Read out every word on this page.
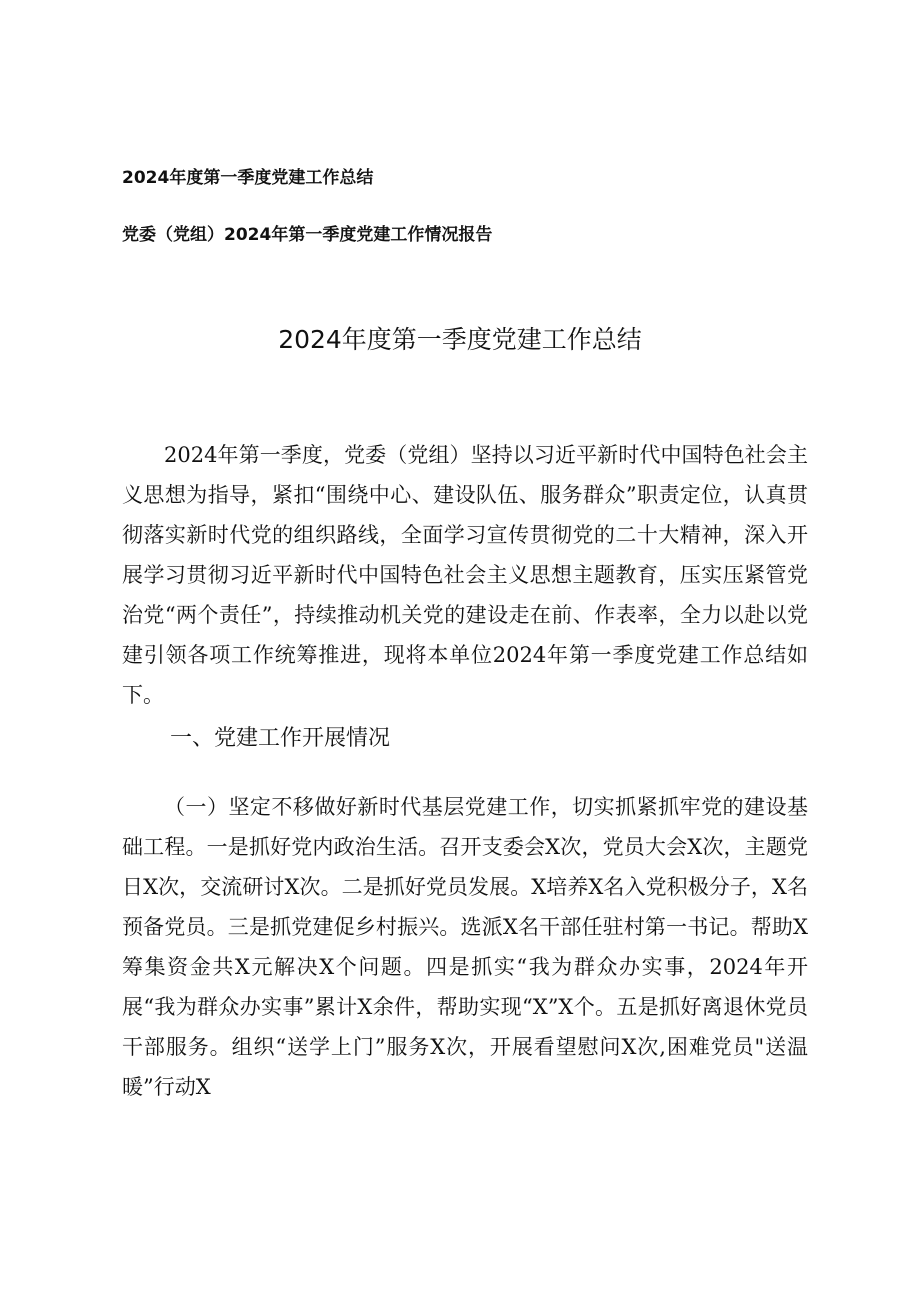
2024年度第一季度党建工作总结
党委（党组）2024年第一季度党建工作情况报告
2024年度第一季度党建工作总结

2024年第一季度，党委（党组）坚持以习近平新时代中国特色社会主义思想为指导，紧扣“围绕中心、建设队伍、服务群众”职责定位，认真贯彻落实新时代党的组织路线，全面学习宣传贯彻党的二十大精神，深入开展学习贯彻习近平新时代中国特色社会主义思想主题教育，压实压紧管党治党“两个责任”，持续推动机关党的建设走在前、作表率，全力以赴以党建引领各项工作统筹推进，现将本单位2024年第一季度党建工作总结如下。

一、党建工作开展情况

（一）坚定不移做好新时代基层党建工作，切实抓紧抓牢党的建设基础工程。一是抓好党内政治生活。召开支委会X次，党员大会X次，主题党日X次，交流研讨X次。二是抓好党员发展。X培养X名入党积极分子，X名预备党员。三是抓党建促乡村振兴。选派X名干部任驻村第一书记。帮助X筹集资金共X元解决X个问题。四是抓实“我为群众办实事，2024年开展“我为群众办实事”累计X余件，帮助实现“X”X个。五是抓好离退休党员干部服务。组织“送学上门”服务X次，开展看望慰问X次,困难党员"送温暖”行动X
